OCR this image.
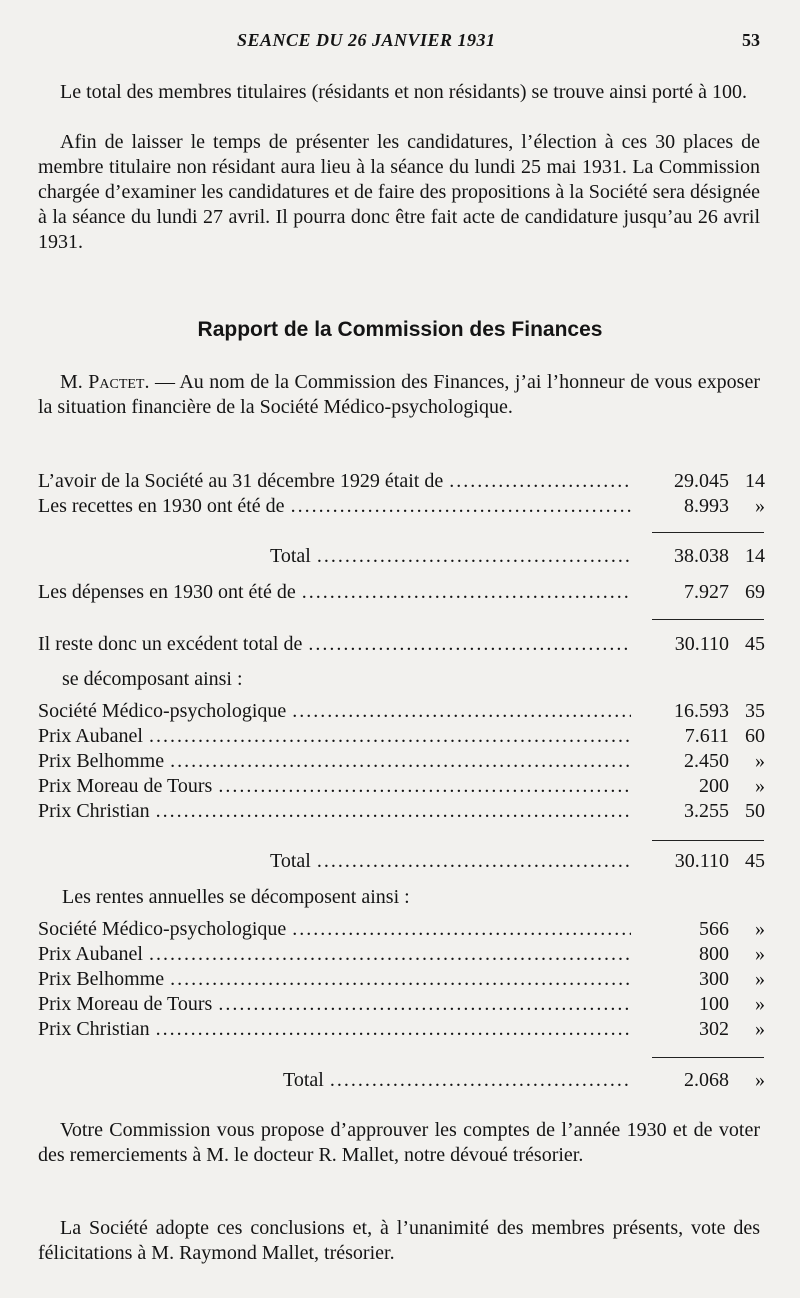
SEANCE DU 26 JANVIER 1931	53

Le total des membres titulaires (résidants et non résidants) se trouve ainsi porté à 100.

Afin de laisser le temps de présenter les candidatures, l’élection à ces 30 places de membre titulaire non résidant aura lieu à la séance du lundi 25 mai 1931. La Commission chargée d’examiner les candidatures et de faire des propositions à la Société sera désignée à la séance du lundi 27 avril. Il pourra donc être fait acte de candidature jusqu’au 26 avril 1931.

Rapport de la Commission des Finances

M. Pactet. — Au nom de la Commission des Finances, j’ai l’honneur de vous exposer la situation financière de la Société Médico-psychologique.

L’avoir de la Société au 31 décembre 1929 était de .....	29.045 14
Les recettes en 1930 ont été de .....	8.993	»
Total .....	38.038 14
Les dépenses en 1930 ont été de .....	7.927 69
Il reste donc un excédent total de .....	30.110 45
se décomposant ainsi :
Société Médico-psychologique .....	16.593 35
Prix Aubanel .....	7.611 60
Prix Belhomme .....	2.450	»
Prix Moreau de Tours .....	200	»
Prix Christian .....	3.255 50
Total .....	30.110 45
Les rentes annuelles se décomposent ainsi :
Société Médico-psychologique .....	566	»
Prix Aubanel .....	800	»
Prix Belhomme .....	300	»
Prix Moreau de Tours .....	100	»
Prix Christian .....	302	»
Total .....	2.068	»

Votre Commission vous propose d’approuver les comptes de l’année 1930 et de voter des remerciements à M. le docteur R. Mallet, notre dévoué trésorier.

La Société adopte ces conclusions et, à l’unanimité des membres présents, vote des félicitations à M. Raymond Mallet, trésorier.
